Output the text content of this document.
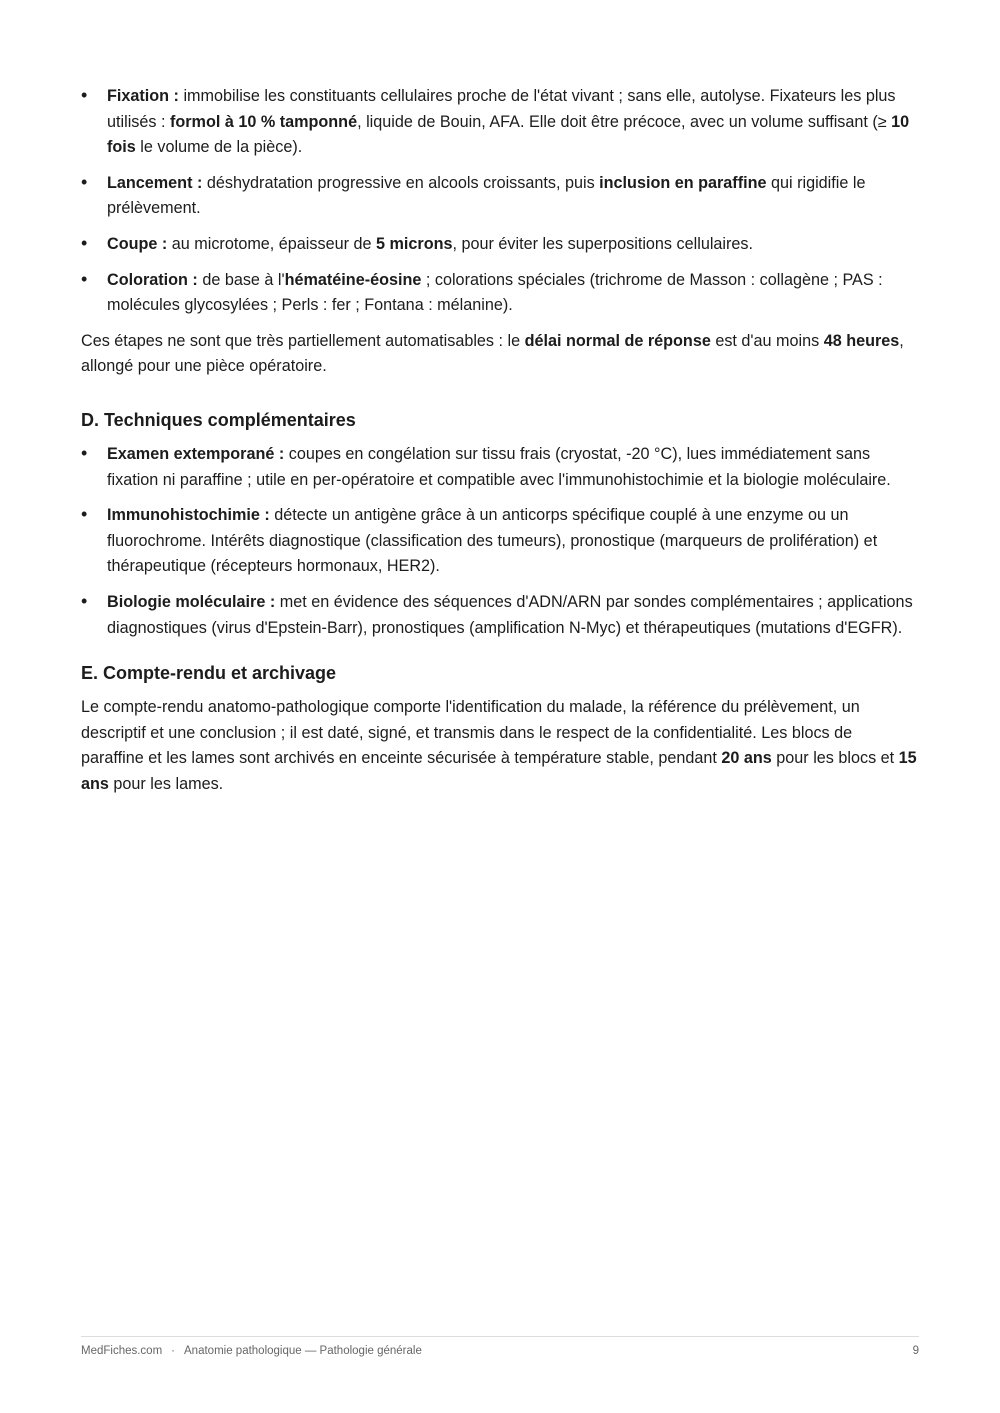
• Fixation : immobilise les constituants cellulaires proche de l'état vivant ; sans elle, autolyse. Fixateurs les plus utilisés : formol à 10 % tamponné, liquide de Bouin, AFA. Elle doit être précoce, avec un volume suffisant (≥ 10 fois le volume de la pièce).
• Lancement : déshydratation progressive en alcools croissants, puis inclusion en paraffine qui rigidifie le prélèvement.
• Coupe : au microtome, épaisseur de 5 microns, pour éviter les superpositions cellulaires.
• Coloration : de base à l'hématéine-éosine ; colorations spéciales (trichrome de Masson : collagène ; PAS : molécules glycosylées ; Perls : fer ; Fontana : mélanine).

Ces étapes ne sont que très partiellement automatisables : le délai normal de réponse est d'au moins 48 heures, allongé pour une pièce opératoire.

D. Techniques complémentaires
• Examen extemporané : coupes en congélation sur tissu frais (cryostat, -20 °C), lues immédiatement sans fixation ni paraffine ; utile en per-opératoire et compatible avec l'immunohistochimie et la biologie moléculaire.
• Immunohistochimie : détecte un antigène grâce à un anticorps spécifique couplé à une enzyme ou un fluorochrome. Intérêts diagnostique (classification des tumeurs), pronostique (marqueurs de prolifération) et thérapeutique (récepteurs hormonaux, HER2).
• Biologie moléculaire : met en évidence des séquences d'ADN/ARN par sondes complémentaires ; applications diagnostiques (virus d'Epstein-Barr), pronostiques (amplification N-Myc) et thérapeutiques (mutations d'EGFR).
E. Compte-rendu et archivage

Le compte-rendu anatomo-pathologique comporte l'identification du malade, la référence du prélèvement, un descriptif et une conclusion ; il est daté, signé, et transmis dans le respect de la confidentialité. Les blocs de paraffine et les lames sont archivés en enceinte sécurisée à température stable, pendant 20 ans pour les blocs et 15 ans pour les lames.

MedFiches.com · Anatomie pathologique — Pathologie générale	9
